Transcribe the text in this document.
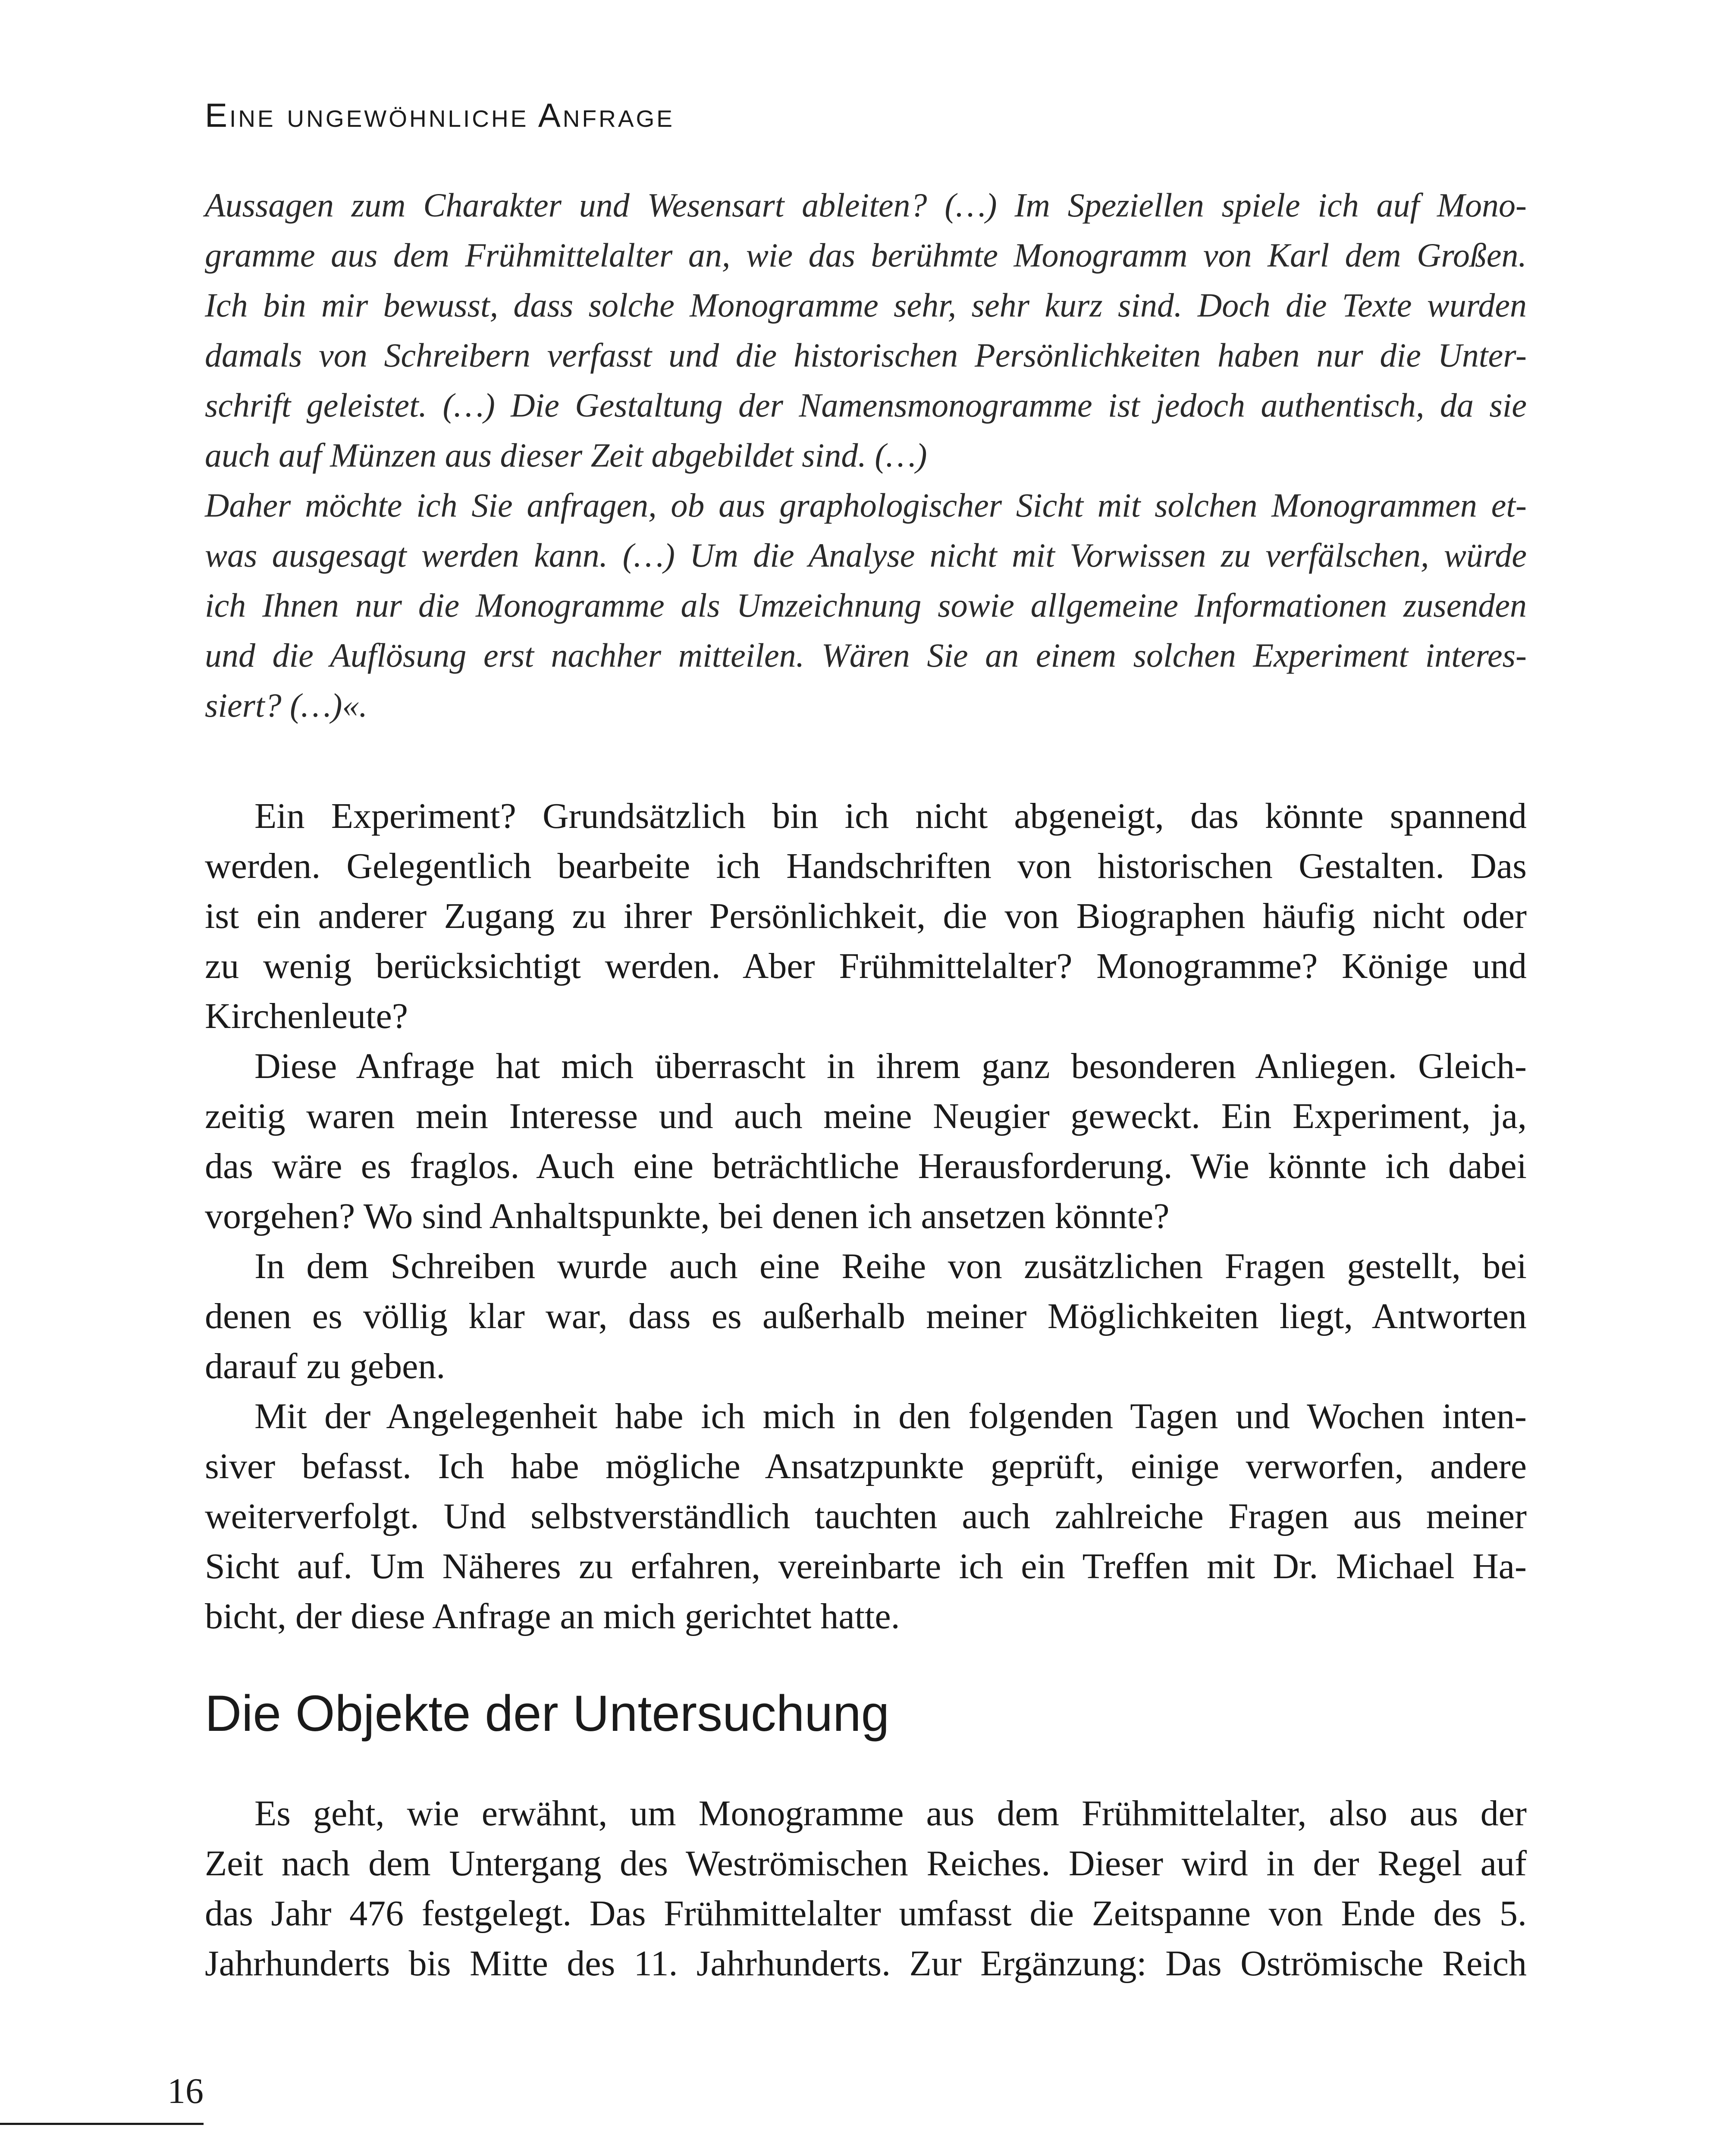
Eine ungewöhnliche Anfrage
Aussagen zum Charakter und Wesensart ableiten? (…) Im Speziellen spiele ich auf Mono-
gramme aus dem Frühmittelalter an, wie das berühmte Monogramm von Karl dem Großen.
Ich bin mir bewusst, dass solche Monogramme sehr, sehr kurz sind. Doch die Texte wurden
damals von Schreibern verfasst und die historischen Persönlichkeiten haben nur die Unter-
schrift geleistet. (…) Die Gestaltung der Namensmonogramme ist jedoch authentisch, da sie
auch auf Münzen aus dieser Zeit abgebildet sind. (…)
Daher möchte ich Sie anfragen, ob aus graphologischer Sicht mit solchen Monogrammen et-
was ausgesagt werden kann. (…) Um die Analyse nicht mit Vorwissen zu verfälschen, würde
ich Ihnen nur die Monogramme als Umzeichnung sowie allgemeine Informationen zusenden
und die Auflösung erst nachher mitteilen. Wären Sie an einem solchen Experiment interes-
siert? (…)«.
Ein Experiment? Grundsätzlich bin ich nicht abgeneigt, das könnte spannend
werden. Gelegentlich bearbeite ich Handschriften von historischen Gestalten. Das
ist ein anderer Zugang zu ihrer Persönlichkeit, die von Biographen häufig nicht oder
zu wenig berücksichtigt werden. Aber Frühmittelalter? Monogramme? Könige und
Kirchenleute?
Diese Anfrage hat mich überrascht in ihrem ganz besonderen Anliegen. Gleich-
zeitig waren mein Interesse und auch meine Neugier geweckt. Ein Experiment, ja,
das wäre es fraglos. Auch eine beträchtliche Herausforderung. Wie könnte ich dabei
vorgehen? Wo sind Anhaltspunkte, bei denen ich ansetzen könnte?
In dem Schreiben wurde auch eine Reihe von zusätzlichen Fragen gestellt, bei
denen es völlig klar war, dass es außerhalb meiner Möglichkeiten liegt, Antworten
darauf zu geben.
Mit der Angelegenheit habe ich mich in den folgenden Tagen und Wochen inten-
siver befasst. Ich habe mögliche Ansatzpunkte geprüft, einige verworfen, andere
weiterverfolgt. Und selbstverständlich tauchten auch zahlreiche Fragen aus meiner
Sicht auf. Um Näheres zu erfahren, vereinbarte ich ein Treffen mit Dr. Michael Ha-
bicht, der diese Anfrage an mich gerichtet hatte.
Die Objekte der Untersuchung
Es geht, wie erwähnt, um Monogramme aus dem Frühmittelalter, also aus der
Zeit nach dem Untergang des Weströmischen Reiches. Dieser wird in der Regel auf
das Jahr 476 festgelegt. Das Frühmittelalter umfasst die Zeitspanne von Ende des 5.
Jahrhunderts bis Mitte des 11. Jahrhunderts. Zur Ergänzung: Das Oströmische Reich
16
